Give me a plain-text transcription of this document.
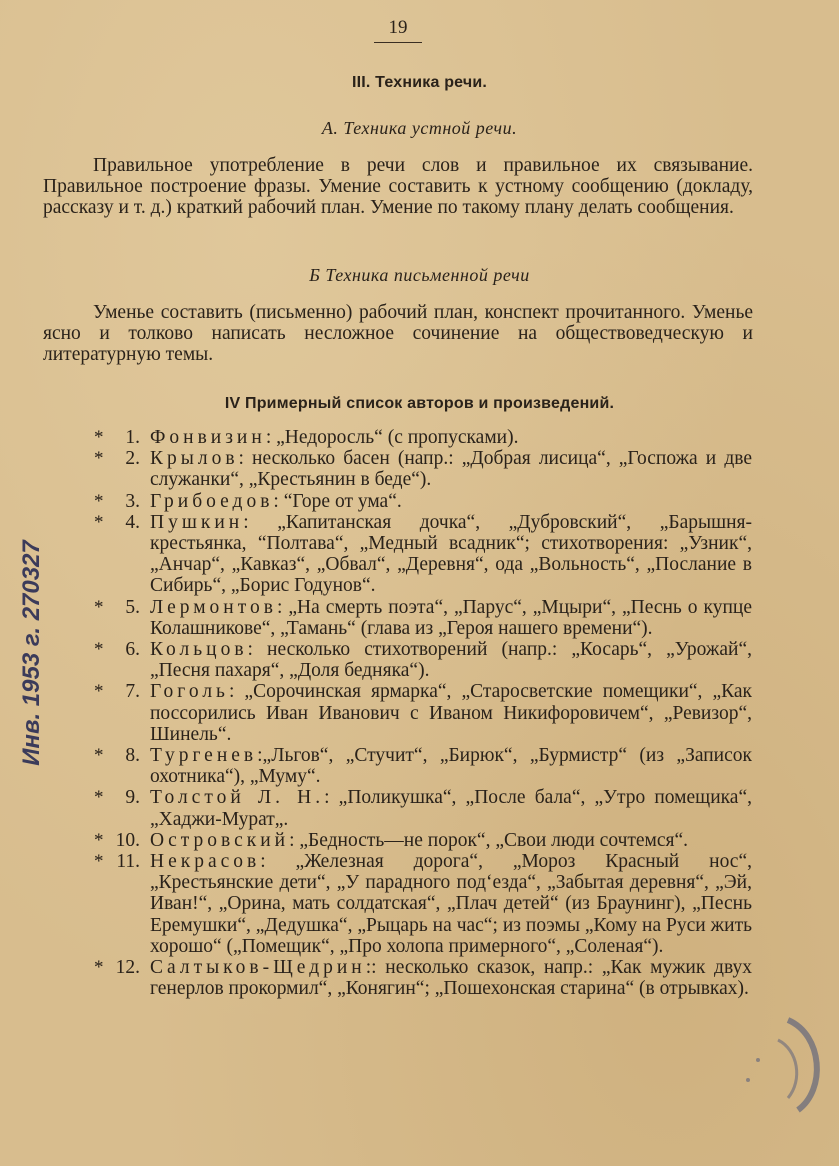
19
III. Техника речи.
А. Техника устной речи.
Правильное употребление в речи слов и правильное их связывание. Правильное построение фразы. Умение составить к устному сообщению (докладу, рассказу и т. д.) краткий рабочий план. Умение по такому плану делать сообщения.
Б Техника письменной речи
Уменье составить (письменно) рабочий план, конспект прочитанного. Уменье ясно и толково написать несложное сочинение на обществоведческую и литературную темы.
IV Примерный список авторов и произведений.
*	1. Фонвизин: „Недоросль“ (с пропусками).
*	2. Крылов: несколько басен (напр.: „Добрая лисица“, „Госпожа и две служанки“, „Крестьянин в беде“).
*	3. Грибоедов: “Горе от ума“.
*	4. Пушкин: „Капитанская дочка“, „Дубровский“, „Барышня-крестьянка, “Полтава“, „Медный всадник“; стихотворения: „Узник“, „Анчар“, „Кавказ“, „Обвал“, „Деревня“, ода „Вольность“, „Послание в Сибирь“, „Борис Годунов“.
*	5. Лермонтов: „На смерть поэта“, „Парус“, „Мцыри“, „Песнь о купце Колашникове“, „Тамань“ (глава из „Героя нашего времени“).
*	6. Кольцов: несколько стихотворений (напр.: „Косарь“, „Урожай“, „Песня пахаря“, „Доля бедняка“).
*	7. Гоголь: „Сорочинская ярмарка“, „Старосветские помещики“, „Как поссорились Иван Иванович с Иваном Никифоровичем“, „Ревизор“, Шинель“.
*	8. Тургенев:„Льгов“, „Стучит“, „Бирюк“, „Бурмистр“ (из „Записок охотника“), „Муму“.
*	9. Толстой Л. Н.: „Поликушка“, „После бала“, „Утро помещика“, „Хаджи-Мурат„.
* 10. Островский: „Бедность—не порок“, „Свои люди сочтемся“.
* 11. Некрасов: „Железная дорога“, „Мороз Красный нос“, „Крестьянские дети“, „У парадного под‘езда“, „Забытая деревня“, „Эй, Иван!“, „Орина, мать солдатская“, „Плач детей“ (из Браунинг), „Песнь Еремушки“, „Дедушка“, „Рыцарь на час“; из поэмы „Кому на Руси жить хорошо“ („Помещик“, „Про холопа примерного“, „Соленая“).
* 12. Салтыков-Щедрин:: несколько сказок, напр.: „Как мужик двух генерлов прокормил“, „Конягин“; „Пошехонская старина“ (в отрывках).
Инв. 1953 г. 270327
